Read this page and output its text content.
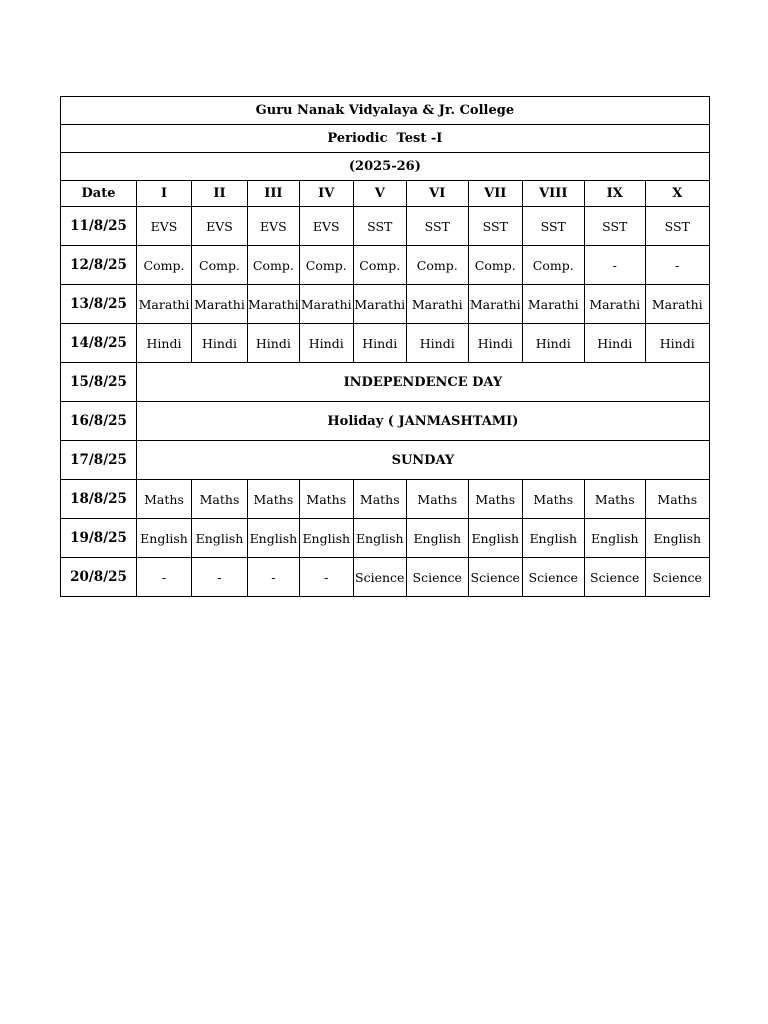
Guru Nanak Vidyalaya & Jr. College										
Periodic  Test -I										
(2025-26)										
Date	I	II	III	IV	V	VI	VII	VIII	IX	X
11/8/25	EVS	EVS	EVS	EVS	SST	SST	SST	SST	SST	SST
12/8/25	Comp.	Comp.	Comp.	Comp.	Comp.	Comp.	Comp.	Comp.	-	-
13/8/25	Marathi	Marathi	Marathi	Marathi	Marathi	Marathi	Marathi	Marathi	Marathi	Marathi
14/8/25	Hindi	Hindi	Hindi	Hindi	Hindi	Hindi	Hindi	Hindi	Hindi	Hindi
15/8/25	INDEPENDENCE DAY									
16/8/25	Holiday ( JANMASHTAMI)									
17/8/25	SUNDAY									
18/8/25	Maths	Maths	Maths	Maths	Maths	Maths	Maths	Maths	Maths	Maths
19/8/25	English	English	English	English	English	English	English	English	English	English
20/8/25	-	-	-	-	Science	Science	Science	Science	Science	Science
